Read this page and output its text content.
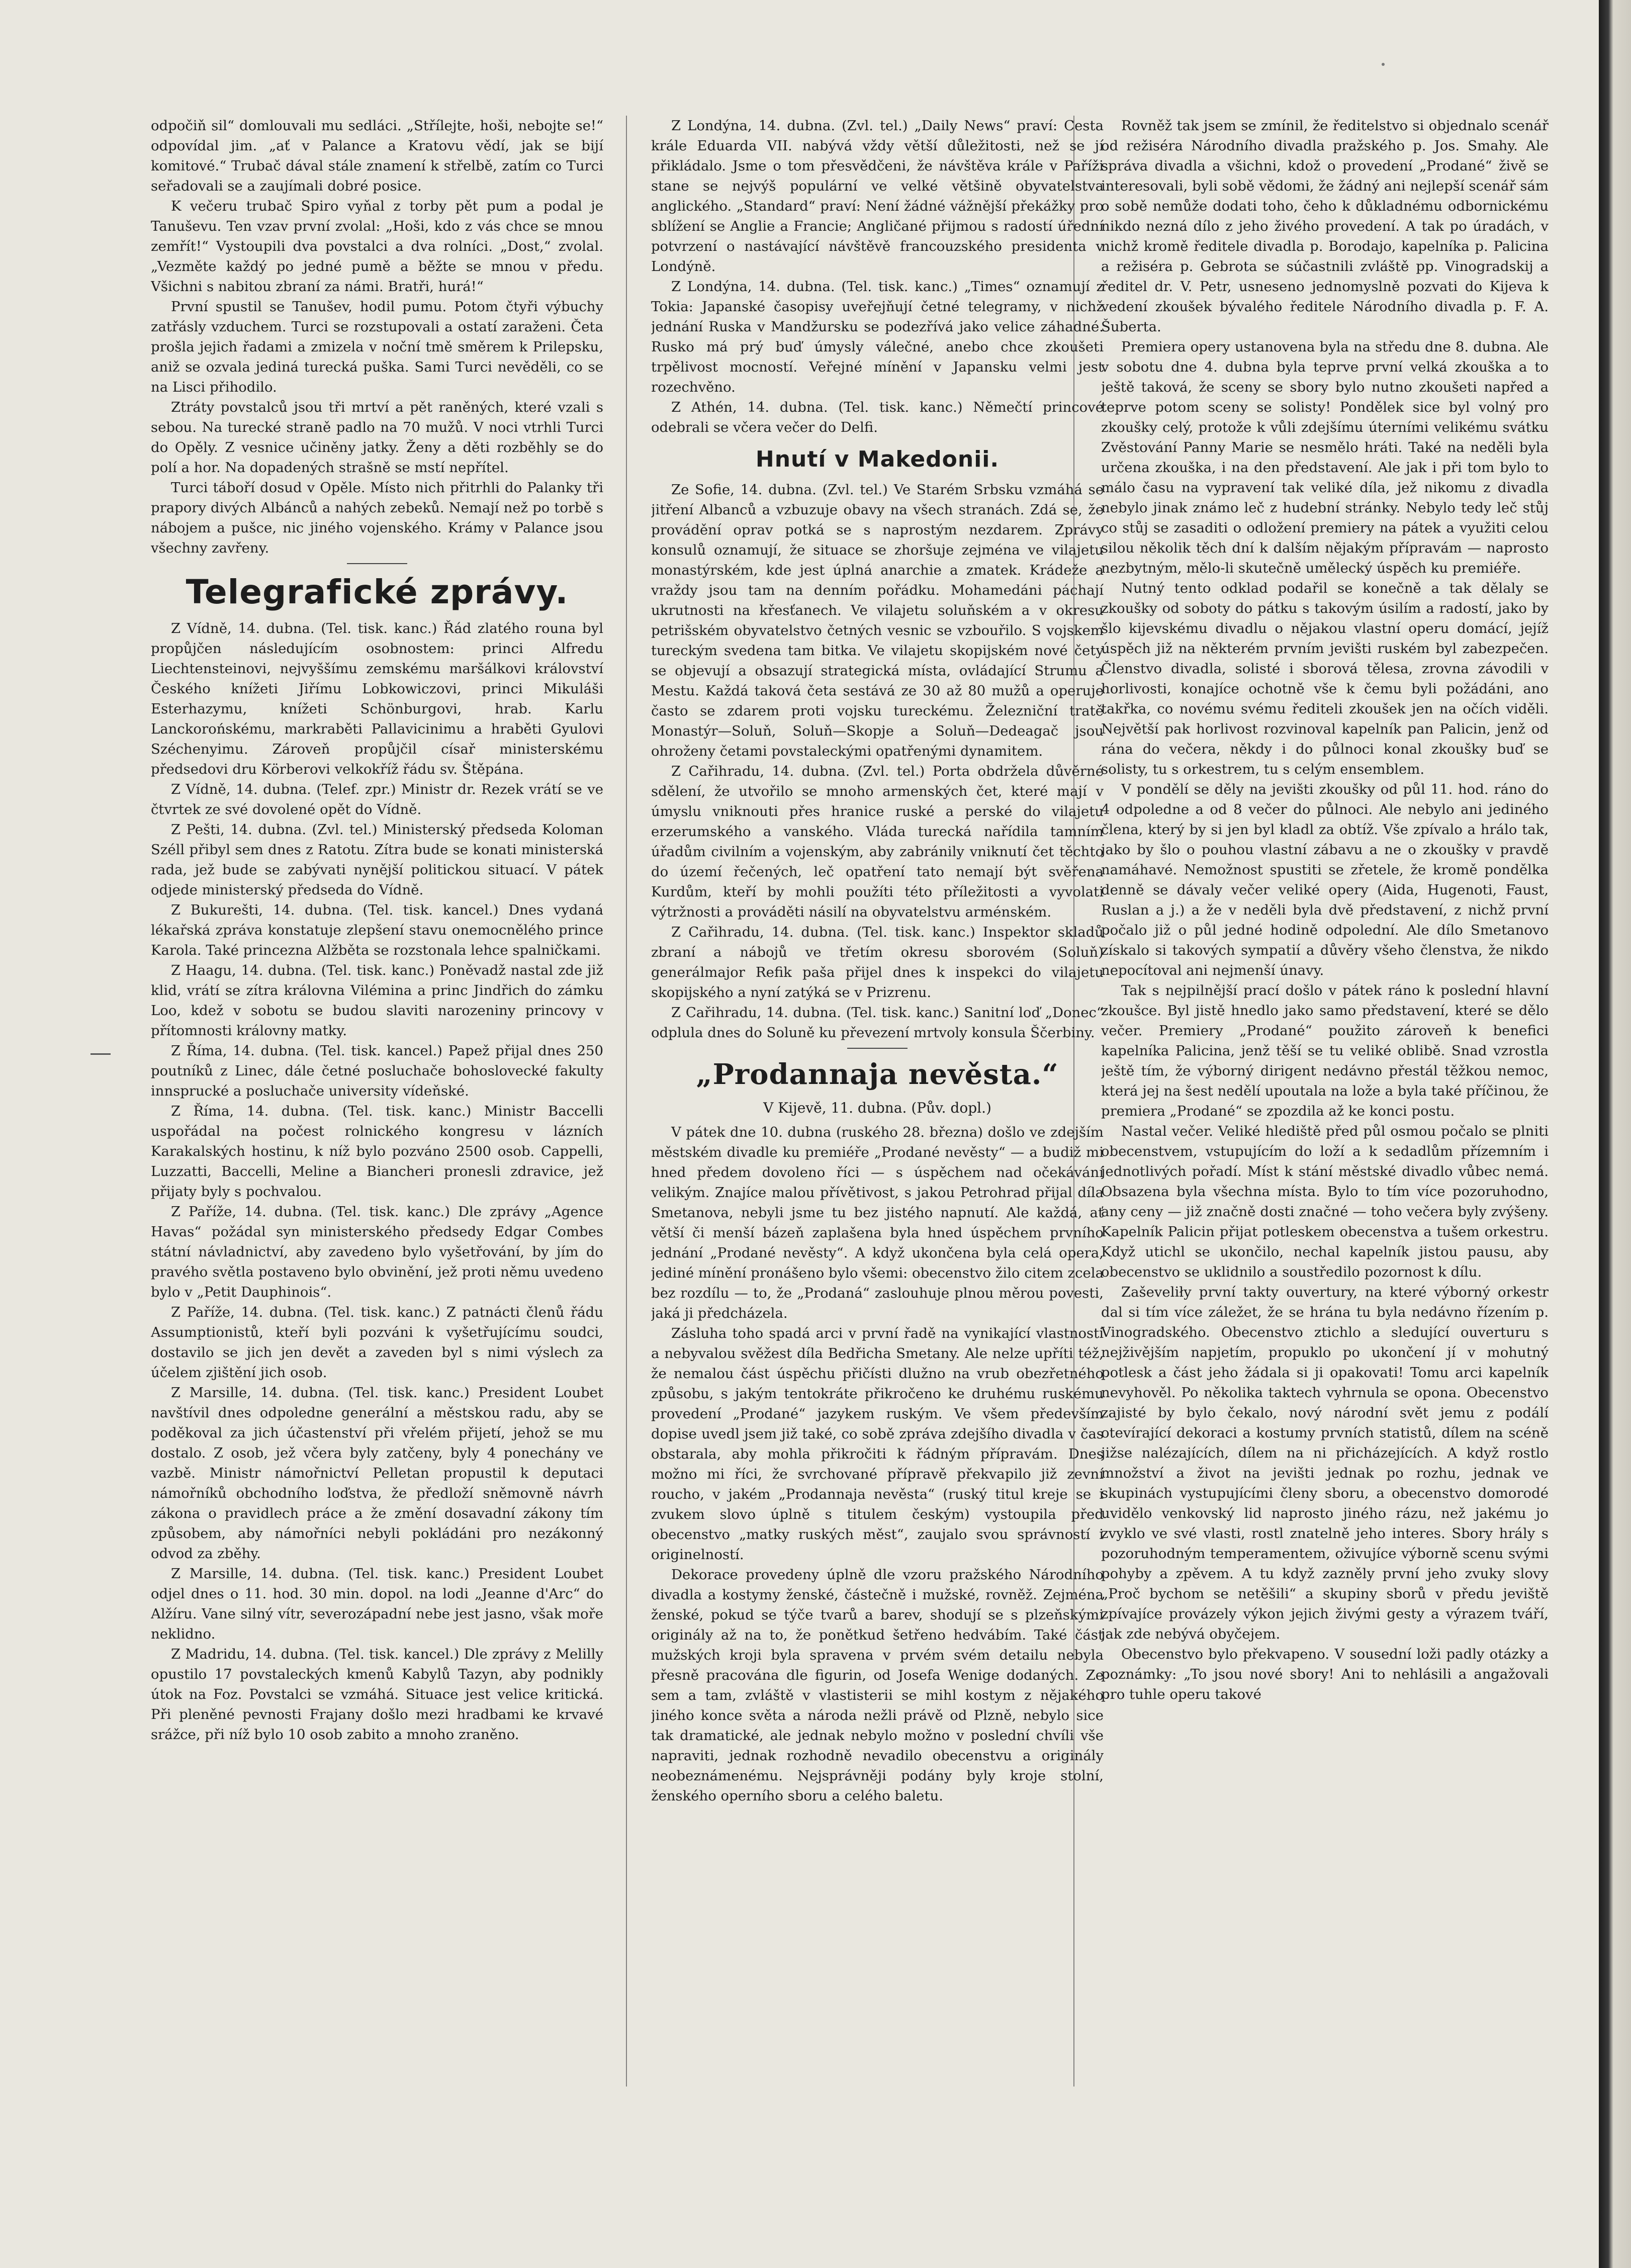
odpočiň sil“ domlouvali mu sedláci. „Střílejte, hoši, nebojte se!“ odpovídal jim. „ať v Palance a Kratovu vědí, jak se bijí komitové.“ Trubač dával stále znamení k střelbě, zatím co Turci seřadovali se a zaujímali dobré posice.

K večeru trubač Spiro vyňal z torby pět pum a podal je Tanuševu. Ten vzav první zvolal: „Hoši, kdo z vás chce se mnou zemřít!“ Vystoupili dva povstalci a dva rolníci. „Dost,“ zvolal. „Vezměte každý po jedné pumě a běžte se mnou v předu. Všichni s nabitou zbraní za námi. Bratři, hurá!“

První spustil se Tanušev, hodil pumu. Potom čtyři výbuchy zatřásly vzduchem. Turci se rozstupovali a ostatí zaraženi. Četa prošla jejich řadami a zmizela v noční tmě směrem k Prilepsku, aniž se ozvala jediná turecká puška. Sami Turci nevěděli, co se na Lisci přihodilo.

Ztráty povstalců jsou tři mrtví a pět raněných, které vzali s sebou. Na turecké straně padlo na 70 mužů. V noci vtrhli Turci do Opěly. Z vesnice učiněny jatky. Ženy a děti rozběhly se do polí a hor. Na dopadených strašně se mstí nepřítel.

Turci táboří dosud v Opěle. Místo nich přitrhli do Palanky tři prapory divých Albánců a nahých zebeků. Nemají než po torbě s nábojem a pušce, nic jiného vojenského. Krámy v Palance jsou všechny zavřeny.

Telegrafické zprávy.

Z Vídně, 14. dubna. (Tel. tisk. kanc.) Řád zlatého rouna byl propůjčen následujícím osobnostem: princi Alfredu Liechtensteinovi, nejvyššímu zemskému maršálkovi království Českého knížeti Jiřímu Lobkowiczovi, princi Mikuláši Esterhazymu, knížeti Schönburgovi, hrab. Karlu Lanckorońskému, markraběti Pallavicinimu a hraběti Gyulovi Széchenyimu. Zároveň propůjčil císař ministerskému předsedovi dru Körberovi velkokříž řádu sv. Štěpána.

Z Vídně, 14. dubna. (Telef. zpr.) Ministr dr. Rezek vrátí se ve čtvrtek ze své dovolené opět do Vídně.

Z Pešti, 14. dubna. (Zvl. tel.) Ministerský předseda Koloman Széll přibyl sem dnes z Ratotu. Zítra bude se konati ministerská rada, jež bude se zabývati nynější politickou situací. V pátek odjede ministerský předseda do Vídně.

Z Bukurešti, 14. dubna. (Tel. tisk. kancel.) Dnes vydaná lékařská zpráva konstatuje zlepšení stavu onemocnělého prince Karola. Také princezna Alžběta se rozstonala lehce spalničkami.

Z Haagu, 14. dubna. (Tel. tisk. kanc.) Poněvadž nastal zde již klid, vrátí se zítra královna Vilémina a princ Jindřich do zámku Loo, kdež v sobotu se budou slaviti narozeniny princovy v přítomnosti královny matky.

Z Říma, 14. dubna. (Tel. tisk. kancel.) Papež přijal dnes 250 poutníků z Linec, dále četné posluchače bohoslovecké fakulty innsprucké a posluchače university vídeňské.

Z Říma, 14. dubna. (Tel. tisk. kanc.) Ministr Baccelli uspořádal na počest rolnického kongresu v lázních Karakalských hostinu, k níž bylo pozváno 2500 osob. Cappelli, Luzzatti, Baccelli, Meline a Biancheri pronesli zdravice, jež přijaty byly s pochvalou.

Z Paříže, 14. dubna. (Tel. tisk. kanc.) Dle zprávy „Agence Havas“ požádal syn ministerského předsedy Edgar Combes státní návladnictví, aby zavedeno bylo vyšetřování, by jím do pravého světla postaveno bylo obvinění, jež proti němu uvedeno bylo v „Petit Dauphinois“.

Z Paříže, 14. dubna. (Tel. tisk. kanc.) Z patnácti členů řádu Assumptionistů, kteří byli pozváni k vyšetřujícímu soudci, dostavilo se jich jen devět a zaveden byl s nimi výslech za účelem zjištění jich osob.

Z Marsille, 14. dubna. (Tel. tisk. kanc.) President Loubet navštívil dnes odpoledne generální a městskou radu, aby se poděkoval za jich účastenství při vřelém přijetí, jehož se mu dostalo. Z osob, jež včera byly zatčeny, byly 4 ponechány ve vazbě. Ministr námořnictví Pelletan propustil k deputaci námořníků obchodního loďstva, že předloží sněmovně návrh zákona o pravidlech práce a že změní dosavadní zákony tím způsobem, aby námořníci nebyli pokládáni pro nezákonný odvod za zběhy.

Z Marsille, 14. dubna. (Tel. tisk. kanc.) President Loubet odjel dnes o 11. hod. 30 min. dopol. na lodi „Jeanne d'Arc“ do Alžíru. Vane silný vítr, severozápadní nebe jest jasno, však moře neklidno.

Z Madridu, 14. dubna. (Tel. tisk. kancel.) Dle zprávy z Melilly opustilo 17 povstaleckých kmenů Kabylů Tazyn, aby podnikly útok na Foz. Povstalci se vzmáhá. Situace jest velice kritická. Při pleněné pevnosti Frajany došlo mezi hradbami ke krvavé srážce, při níž bylo 10 osob zabito a mnoho zraněno.

Z Londýna, 14. dubna. (Zvl. tel.) „Daily News“ praví: Cesta krále Eduarda VII. nabývá vždy větší důležitosti, než se jí přikládalo. Jsme o tom přesvědčeni, že návštěva krále v Paříži stane se nejvýš populární ve velké většině obyvatelstva anglického. „Standard“ praví: Není žádné vážnější překážky pro sblížení se Anglie a Francie; Angličané přijmou s radostí úřední potvrzení o nastávající návštěvě francouzského presidenta v Londýně.

Z Londýna, 14. dubna. (Tel. tisk. kanc.) „Times“ oznamují z Tokia: Japanské časopisy uveřejňují četné telegramy, v nichž jednání Ruska v Mandžursku se podezřívá jako velice záhadné. Rusko má prý buď úmysly válečné, anebo chce zkoušeti trpělivost mocností. Veřejné mínění v Japansku velmi jest rozechvěno.

Z Athén, 14. dubna. (Tel. tisk. kanc.) Němečtí princové odebrali se včera večer do Delfi.

Hnutí v Makedonii.

Ze Sofie, 14. dubna. (Zvl. tel.) Ve Starém Srbsku vzmáhá se jitření Albanců a vzbuzuje obavy na všech stranách. Zdá se, že provádění oprav potká se s naprostým nezdarem. Zprávy konsulů oznamují, že situace se zhoršuje zejména ve vilajetu monastýrském, kde jest úplná anarchie a zmatek. Krádeže a vraždy jsou tam na denním pořádku. Mohamedáni páchají ukrutnosti na křesťanech. Ve vilajetu soluňském a v okresu petrišském obyvatelstvo četných vesnic se vzbouřilo. S vojskem tureckým svedena tam bitka. Ve vilajetu skopijském nové čety se objevují a obsazují strategická místa, ovládající Strumu a Mestu. Každá taková četa sestává ze 30 až 80 mužů a operuje často se zdarem proti vojsku tureckému. Železniční tratě Monastýr—Soluň, Soluň—Skopje a Soluň—Dedeagač jsou ohroženy četami povstaleckými opatřenými dynamitem.

Z Cařihradu, 14. dubna. (Zvl. tel.) Porta obdržela důvěrné sdělení, že utvořilo se mnoho armenských čet, které mají v úmyslu vniknouti přes hranice ruské a perské do vilajetu erzerumského a vanského. Vláda turecká nařídila tamním úřadům civilním a vojenským, aby zabránily vniknutí čet těchto do území řečených, leč opatření tato nemají být svěřena Kurdům, kteří by mohli použíti této příležitosti a vyvolati výtržnosti a prováděti násilí na obyvatelstvu arménském.

Z Cařihradu, 14. dubna. (Tel. tisk. kanc.) Inspektor skladů zbraní a nábojů ve třetím okresu sborovém (Soluň) generálmajor Refik paša přijel dnes k inspekci do vilajetu skopijského a nyní zatýká se v Prizrenu.

Z Cařihradu, 14. dubna. (Tel. tisk. kanc.) Sanitní loď „Donec“ odplula dnes do Soluně ku převezení mrtvoly konsula Ščerbiny.

„Prodannaja nevěsta.“
V Kijevě, 11. dubna. (Pův. dopl.)

V pátek dne 10. dubna (ruského 28. března) došlo ve zdejším městském divadle ku premiéře „Prodané nevěsty“ — a budiž mi hned předem dovoleno říci — s úspěchem nad očekávání velikým. Znajíce malou přívětivost, s jakou Petrohrad přijal díla Smetanova, nebyli jsme tu bez jistého napnutí. Ale každá, ať větší či menší bázeň zaplašena byla hned úspěchem prvního jednání „Prodané nevěsty“. A když ukončena byla celá opera, jediné mínění pronášeno bylo všemi: obecenstvo žilo citem zcela bez rozdílu — to, že „Prodaná“ zaslouhuje plnou měrou povesti, jaká ji předcházela.

Zásluha toho spadá arci v první řadě na vynikající vlastnosti a nebyvalou svěžest díla Bedřicha Smetany. Ale nelze upříti též, že nemalou část úspěchu přičísti dlužno na vrub obezřetného způsobu, s jakým tentokráte přikročeno ke druhému ruskému provedení „Prodané“ jazykem ruským. Ve všem především dopise uvedl jsem již také, co sobě zpráva zdejšího divadla v čas obstarala, aby mohla přikročiti k řádným přípravám. Dnes možno mi říci, že svrchované přípravě překvapilo již zevní roucho, v jakém „Prodannaja nevěsta“ (ruský titul kreje se i zvukem slovo úplně s titulem českým) vystoupila před obecenstvo „matky ruských měst“, zaujalo svou správností i originelností.

Dekorace provedeny úplně dle vzoru pražského Národního divadla a kostymy ženské, částečně i mužské, rovněž. Zejména ženské, pokud se týče tvarů a barev, shodují se s plzeňskými originály až na to, že ponětkud šetřeno hedvábím. Také část mužských kroji byla spravena v prvém svém detailu nebyla přesně pracována dle figurin, od Josefa Wenige dodaných. Ze sem a tam, zvláště v vlastisterii se mihl kostym z nějakého jiného konce světa a národa nežli právě od Plzně, nebylo sice tak dramatické, ale jednak nebylo možno v poslední chvíli vše napraviti, jednak rozhodně nevadilo obecenstvu a originály neobeznámenému. Nejsprávněji podány byly kroje stolní, ženského operního sboru a celého baletu.

Rovněž tak jsem se zmínil, že ředitelstvo si objednalo scenář od režiséra Národního divadla pražského p. Jos. Smahy. Ale správa divadla a všichni, kdož o provedení „Prodané“ živě se interesovali, byli sobě vědomi, že žádný ani nejlepší scenář sám o sobě nemůže dodati toho, čeho k důkladnému odbornickému nikdo nezná dílo z jeho živého provedení. A tak po úradách, v nichž kromě ředitele divadla p. Borodajo, kapelníka p. Palicina a režiséra p. Gebrota se súčastnili zvláště pp. Vinogradskij a ředitel dr. V. Petr, usneseno jednomyslně pozvati do Kijeva k vedení zkoušek bývalého ředitele Národního divadla p. F. A. Šuberta.

Premiera opery ustanovena byla na středu dne 8. dubna. Ale v sobotu dne 4. dubna byla teprve první velká zkouška a to ještě taková, že sceny se sbory bylo nutno zkoušeti napřed a teprve potom sceny se solisty! Pondělek sice byl volný pro zkoušky celý, protože k vůli zdejšímu úterními velikému svátku Zvěstování Panny Marie se nesmělo hráti. Také na neděli byla určena zkouška, i na den představení. Ale jak i při tom bylo to málo času na vypravení tak veliké díla, jež nikomu z divadla nebylo jinak známo leč z hudební stránky. Nebylo tedy leč stůj co stůj se zasaditi o odložení premiery na pátek a využiti celou silou několik těch dní k dalším nějakým přípravám — naprosto nezbytným, mělo-li skutečně umělecký úspěch ku premiéře.

Nutný tento odklad podařil se konečně a tak dělaly se zkoušky od soboty do pátku s takovým úsilím a radostí, jako by šlo kijevskému divadlu o nějakou vlastní operu domácí, jejíž úspěch již na některém prvním jevišti ruském byl zabezpečen. Členstvo divadla, solisté i sborová tělesa, zrovna závodili v horlivosti, konajíce ochotně vše k čemu byli požádáni, ano takřka, co novému svému řediteli zkoušek jen na očích viděli. Největší pak horlivost rozvinoval kapelník pan Palicin, jenž od rána do večera, někdy i do půlnoci konal zkoušky buď se solisty, tu s orkestrem, tu s celým ensemblem.

V pondělí se děly na jevišti zkoušky od půl 11. hod. ráno do 4 odpoledne a od 8 večer do půlnoci. Ale nebylo ani jediného člena, který by si jen byl kladl za obtíž. Vše zpívalo a hrálo tak, jako by šlo o pouhou vlastní zábavu a ne o zkoušky v pravdě namáhavé. Nemožnost spustiti se zřetele, že kromě pondělka denně se dávaly večer veliké opery (Aida, Hugenoti, Faust, Ruslan a j.) a že v neděli byla dvě představení, z nichž první počalo již o půl jedné hodině odpolední. Ale dílo Smetanovo získalo si takových sympatií a důvěry všeho členstva, že nikdo nepocítoval ani nejmenší únavy.

Tak s nejpilnější prací došlo v pátek ráno k poslední hlavní zkoušce. Byl jistě hnedlo jako samo představení, které se dělo večer. Premiery „Prodané“ použito zároveň k benefici kapelníka Palicina, jenž těší se tu veliké oblibě. Snad vzrostla ještě tím, že výborný dirigent nedávno přestál těžkou nemoc, která jej na šest nedělí upoutala na lože a byla také příčinou, že premiera „Prodané“ se zpozdila až ke konci postu.

Nastal večer. Veliké hlediště před půl osmou počalo se plniti obecenstvem, vstupujícím do loží a k sedadlům přízemním i jednotlivých pořadí. Míst k stání městské divadlo vůbec nemá. Obsazena byla všechna místa. Bylo to tím více pozoruhodno, any ceny — již značně dosti značné — toho večera byly zvýšeny. Kapelník Palicin přijat potleskem obecenstva a tušem orkestru. Když utichl se ukončilo, nechal kapelník jistou pausu, aby obecenstvo se uklidnilo a soustředilo pozornost k dílu.

Zaševeliły první takty ouvertury, na které výborný orkestr dal si tím více záležet, že se hrána tu byla nedávno řízením p. Vinogradského. Obecenstvo ztichlo a sledující ouverturu s nejživějším napjetím, propuklo po ukončení jí v mohutný potlesk a část jeho žádala si ji opakovati! Tomu arci kapelník nevyhověl. Po několika taktech vyhrnula se opona. Obecenstvo zajisté by bylo čekalo, nový národní svět jemu z podálí otevírající dekoraci a kostumy prvních statistů, dílem na scéně jižse nalézajících, dílem na ni přicházejících. A když rostlo množství a život na jevišti jednak po rozhu, jednak ve skupinách vystupujícími členy sboru, a obecenstvo domorodé uvidělo venkovský lid naprosto jiného rázu, než jakému jo zvyklo ve své vlasti, rostl znatelně jeho interes. Sbory hrály s pozoruhodným temperamentem, oživujíce výborně scenu svými pohyby a zpěvem. A tu když zazněly první jeho zvuky slovy „Proč bychom se netěšili“ a skupiny sborů v předu jeviště zpívajíce provázely výkon jejich živými gesty a výrazem tváří, jak zde nebývá obyčejem.

Obecenstvo bylo překvapeno. V sousední loži padly otázky a poznámky: „To jsou nové sbory! Ani to nehlásili a angažovali pro tuhle operu takové
